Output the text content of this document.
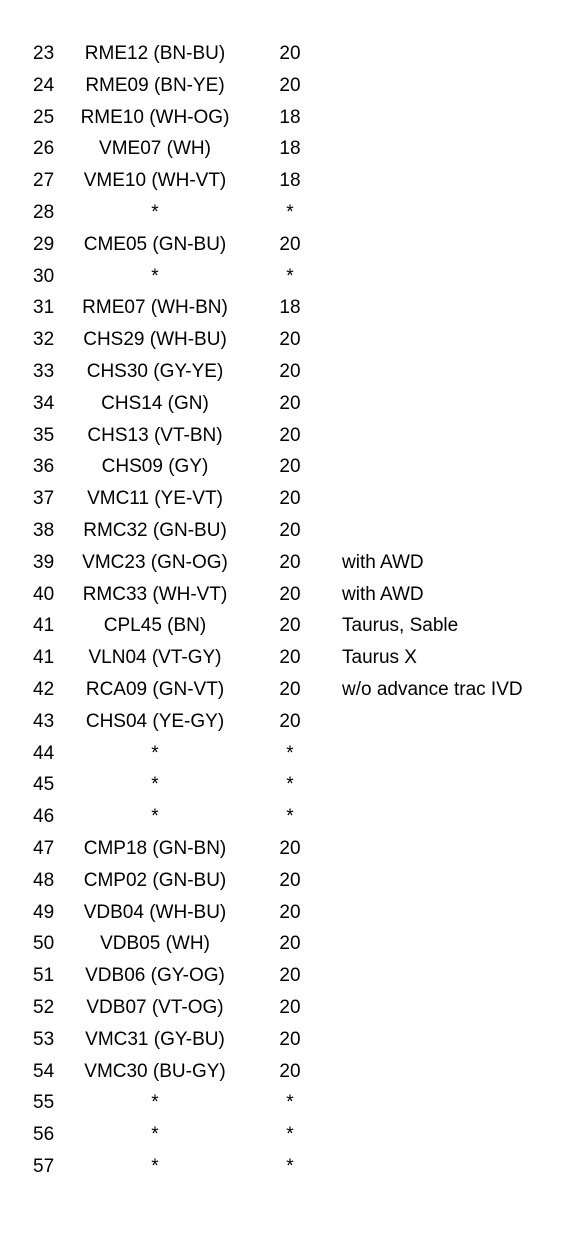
23 RME12 (BN-BU)	20
24 RME09 (BN-YE)	20
25 RME10 (WH-OG)	18
26 VME07 (WH)	18
27 VME10 (WH-VT)	18
28	*	*
29 CME05 (GN-BU)	20
30	*	*
31 RME07 (WH-BN)	18
32 CHS29 (WH-BU)	20
33 CHS30 (GY-YE)	20
34 CHS14 (GN)	20
35 CHS13 (VT-BN)	20
36	CHS09 (GY)	20
37 VMC11 (YE-VT)	20
38 RMC32 (GN-BU)	20
39 VMC23 (GN-OG)	20 with AWD
40 RMC33 (WH-VT)	20 with AWD
41	CPL45 (BN)	20 Taurus, Sable
41 VLN04 (VT-GY)	20 Taurus X
42 RCA09 (GN-VT)	20 w/o advance trac IVD
43 CHS04 (YE-GY)	20
44	*	*
45	*	*
46	*	*
47 CMP18 (GN-BN)	20
48 CMP02 (GN-BU)	20
49 VDB04 (WH-BU)	20
50 VDB05 (WH)	20
51 VDB06 (GY-OG)	20
52 VDB07 (VT-OG)	20
53 VMC31 (GY-BU)	20
54 VMC30 (BU-GY)	20
55	*	*
56	*	*
57	*	*
